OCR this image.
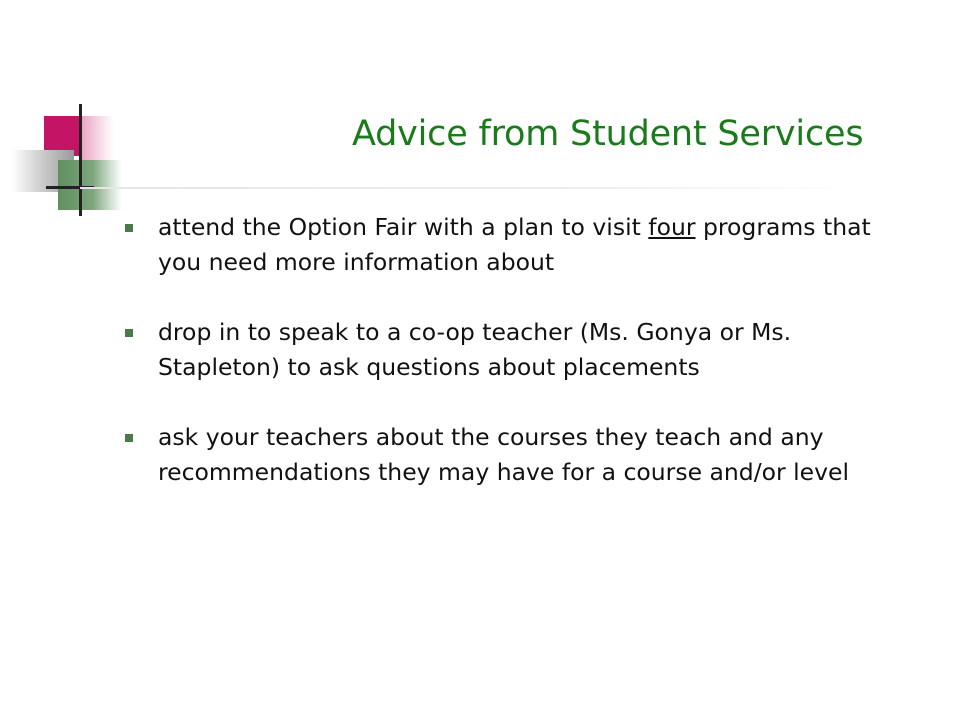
Advice from Student Services
attend the Option Fair with a plan to visit four programs that you need more information about
drop in to speak to a co-op teacher (Ms. Gonya or Ms. Stapleton) to ask questions about placements
ask your teachers about the courses they teach and any recommendations they may have for a course and/or level
